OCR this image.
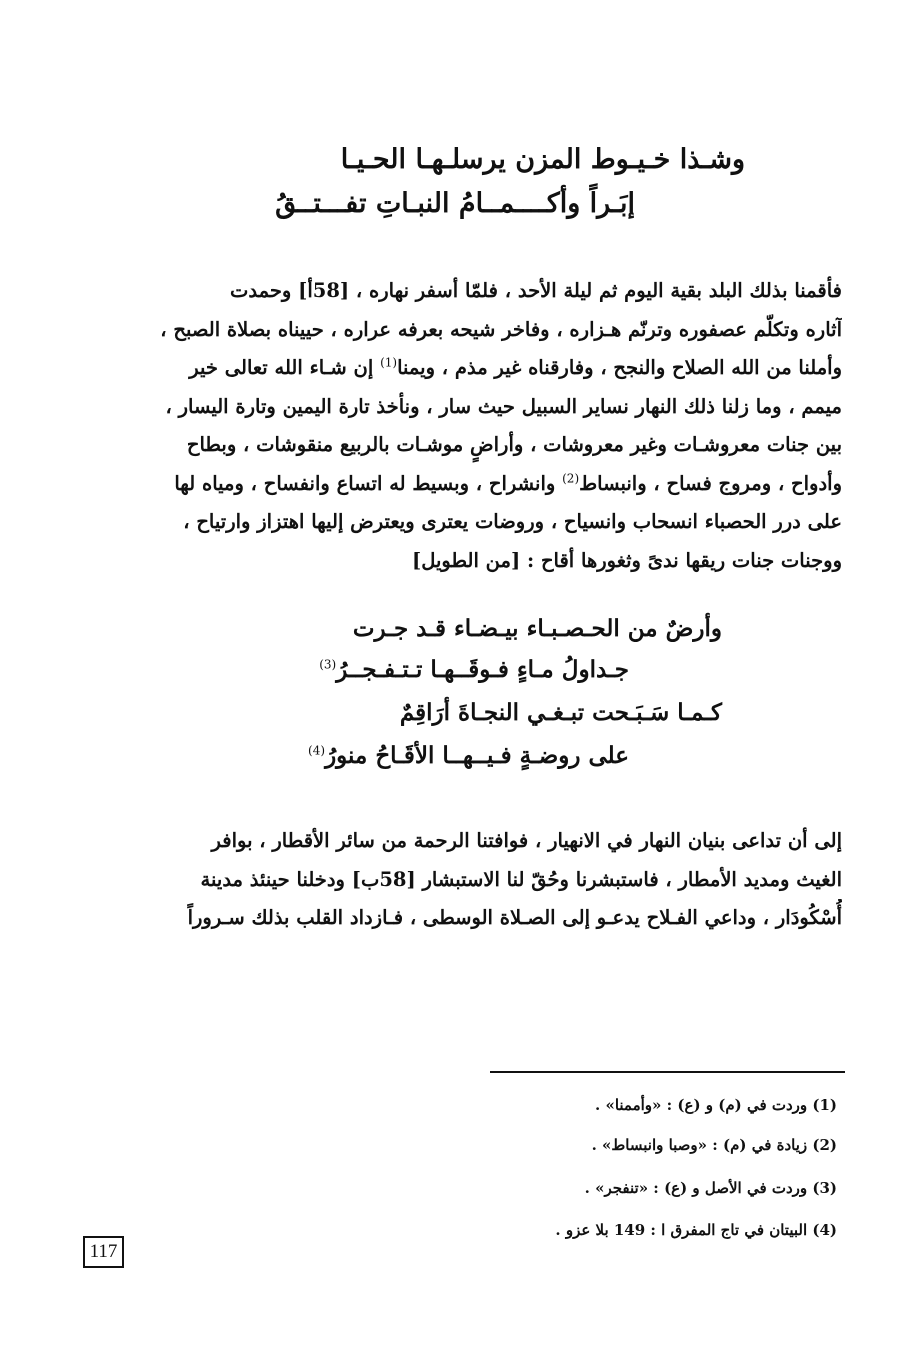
وشـذا خـيـوط المزن يرسلـهـا الحـيـا
إبَـراً وأكــــمــامُ النبـاتِ تفـــتــقُ
فأقمنا بذلك البلد بقية اليوم ثم ليلة الأحد ، فلمّا أسفر نهاره ، [58أ] وحمدت
آثاره وتكلّم عصفوره وترنّم هـزاره ، وفاخر شيحه بعرفه عراره ، حييناه بصلاة الصبح ،
وأملنا من الله الصلاح والنجح ، وفارقناه غير مذم ، ويمنا$^{(1)}$ إن شـاء الله تعالى خير
ميمم ، وما زلنا ذلك النهار نساير السبيل حيث سار ، ونأخذ تارة اليمين وتارة اليسار ،
بين جنات معروشـات وغير معروشات ، وأراضٍ موشـات بالربيع منقوشات ، وبطاح
وأدواح ، ومروج فساح ، وانبساط$^{(2)}$ وانشراح ، وبسيط له اتساع وانفساح ، ومياه لها
على درر الحصباء انسحاب وانسياح ، وروضات يعترى ويعترض إليها اهتزاز وارتياح ،
ووجنات جنات ريقها ندىً وثغورها أقاح : [من الطويل]
وأرضٌ من الحـصـبـاء بيـضـاء قـد جـرت
جـداولُ مـاءٍ فـوقَــهـا تـتـفـجــرُ$^{(3)}$
كـمـا سَـبَـحت تبـغـي النجـاةَ أرَاقِمٌ
على روضـةٍ فـيــهــا الأقَـاحُ منورُ$^{(4)}$
إلى أن تداعى بنيان النهار في الانهيار ، فوافتنا الرحمة من سائر الأقطار ، بوافر
الغيث ومديد الأمطار ، فاستبشرنا وحُقّ لنا الاستبشار [58ب] ودخلنا حينئذ مدينة
أُسْكُودَار ، وداعي الفـلاح يدعـو إلى الصـلاة الوسطى ، فـازداد القلب بذلك سـروراً
(1) وردت في (م) و (ع) : «وأممنا» .
(2) زيادة في (م) : «وصبا وانبساط» .
(3) وردت في الأصل و (ع) : «تنفجر» .
(4) البيتان في تاج المفرق ا : 149 بلا عزو .
117
